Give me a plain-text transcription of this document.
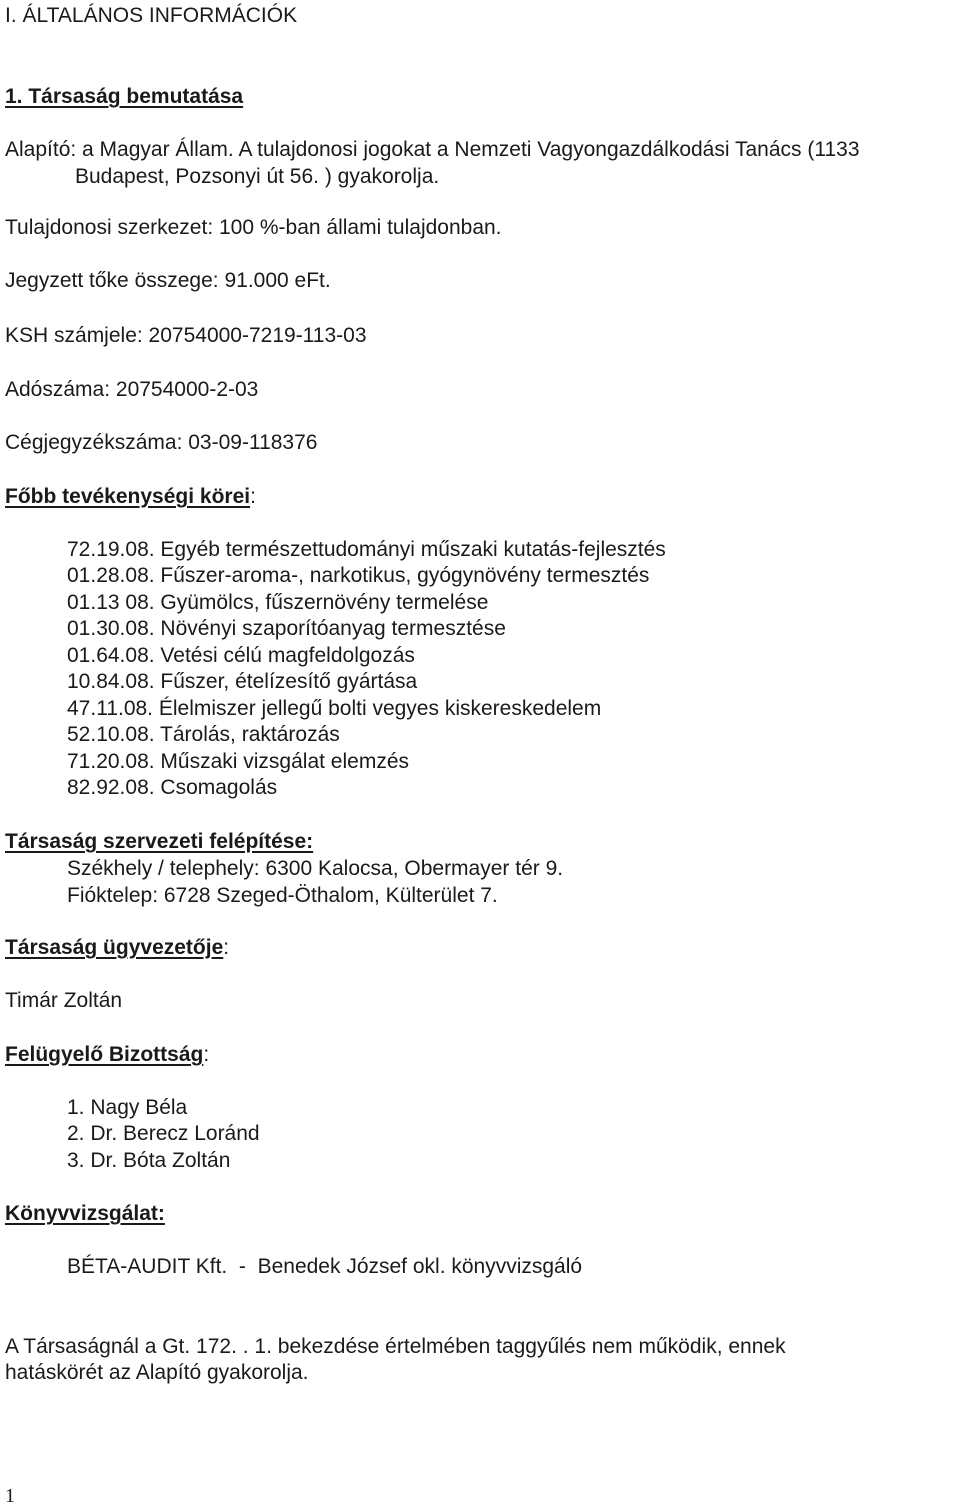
I. ÁLTALÁNOS INFORMÁCIÓK
1. Társaság bemutatása
Alapító: a Magyar Állam. A tulajdonosi jogokat a Nemzeti Vagyongazdálkodási Tanács (1133
Budapest, Pozsonyi út 56. ) gyakorolja.
Tulajdonosi szerkezet: 100 %-ban állami tulajdonban.
Jegyzett tőke összege: 91.000 eFt.
KSH számjele: 20754000-7219-113-03
Adószáma: 20754000-2-03
Cégjegyzékszáma: 03-09-118376
Főbb tevékenységi körei:
72.19.08. Egyéb természettudományi műszaki kutatás-fejlesztés
01.28.08. Fűszer-aroma-, narkotikus, gyógynövény termesztés
01.13 08. Gyümölcs, fűszernövény termelése
01.30.08. Növényi szaporítóanyag termesztése
01.64.08. Vetési célú magfeldolgozás
10.84.08. Fűszer, ételízesítő gyártása
47.11.08. Élelmiszer jellegű bolti vegyes kiskereskedelem
52.10.08. Tárolás, raktározás
71.20.08. Műszaki vizsgálat elemzés
82.92.08. Csomagolás
Társaság szervezeti felépítése:
Székhely / telephely: 6300 Kalocsa, Obermayer tér 9.
Fióktelep: 6728 Szeged-Öthalom, Külterület 7.
Társaság ügyvezetője:
Timár Zoltán
Felügyelő Bizottság:
1. Nagy Béla
2. Dr. Berecz Loránd
3. Dr. Bóta Zoltán
Könyvvizsgálat:
BÉTA-AUDIT Kft.  -  Benedek József okl. könyvvizsgáló
A Társaságnál a Gt. 172. . 1. bekezdése értelmében taggyűlés nem működik, ennek
hatáskörét az Alapító gyakorolja.
1
